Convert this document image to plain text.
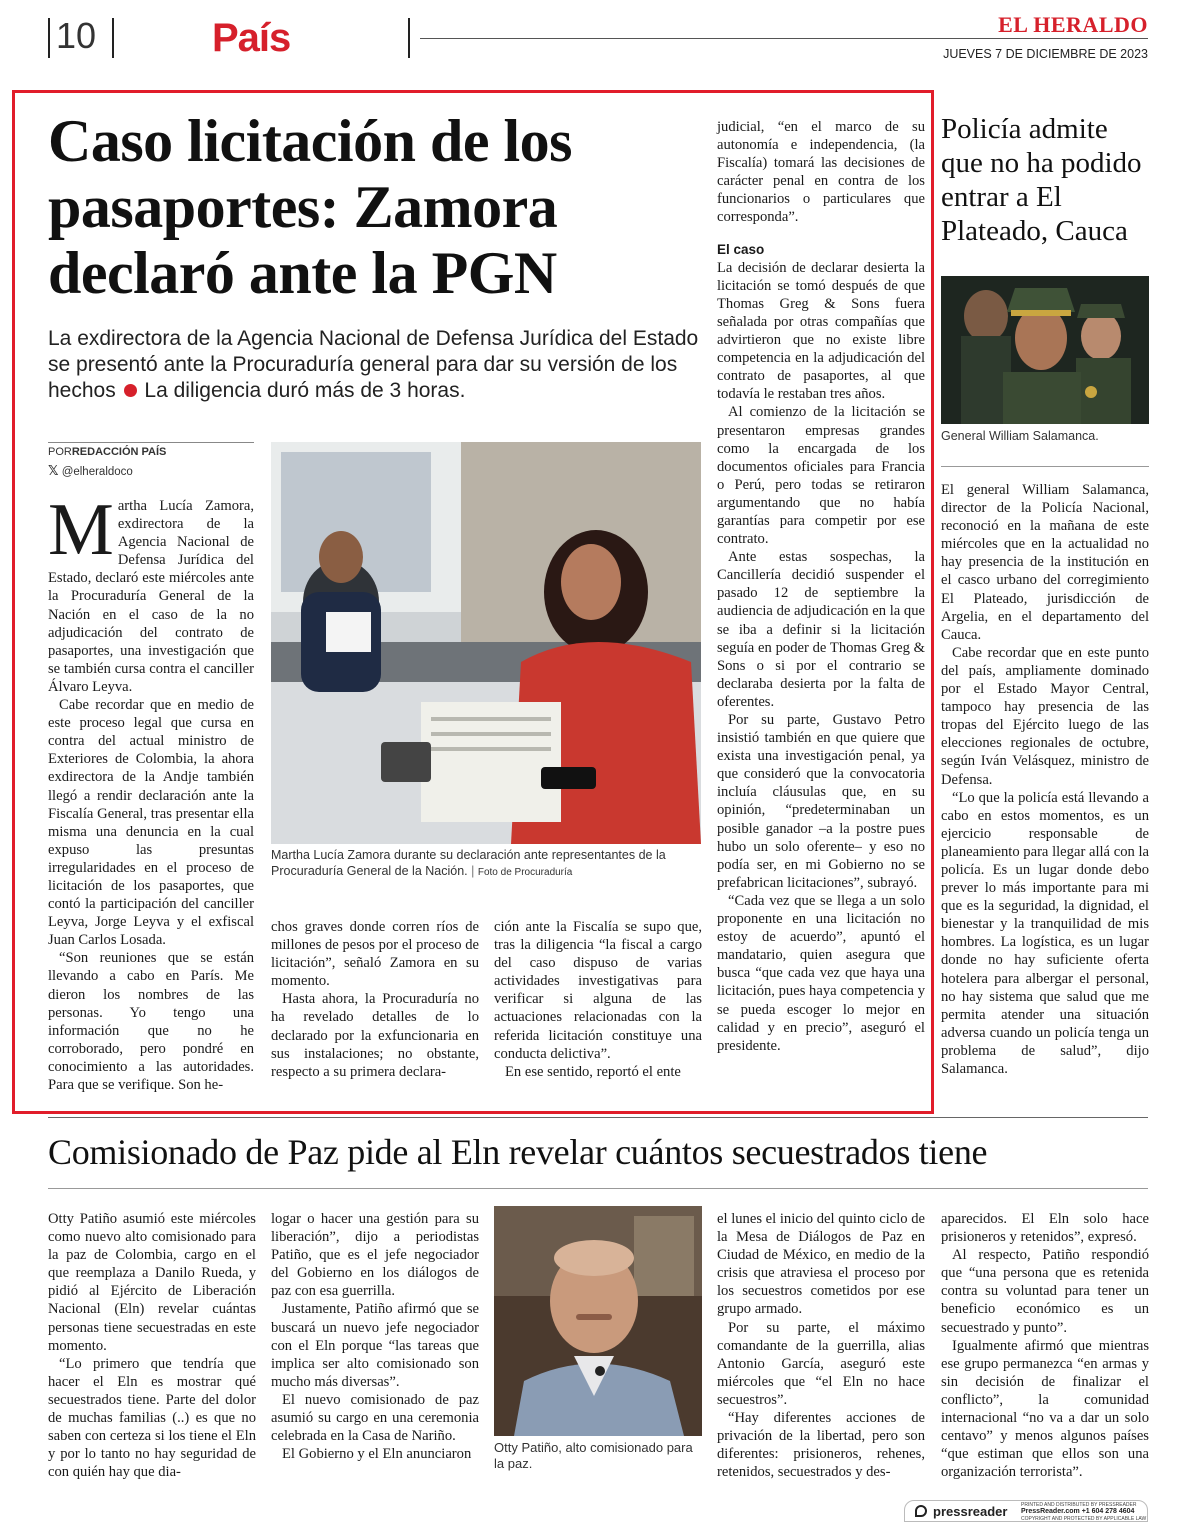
10	País	EL HERALDO
JUEVES 7 DE DICIEMBRE DE 2023
Caso licitación de los pasaportes: Zamora declaró ante la PGN
La exdirectora de la Agencia Nacional de Defensa Jurídica del Estado se presentó ante la Procuraduría general para dar su versión de los hechos La diligencia duró más de 3 horas.
PORREDACCIÓN PAÍS
𝕏 @elheraldoco

Martha Lucía Zamora, exdirectora de la Agencia Nacional de Defensa Jurídica del Estado, declaró este miércoles ante la Procuraduría General de la Nación en el caso de la no adjudicación del contrato de pasaportes, una investigación que se también cursa contra el canciller Álvaro Leyva.

Cabe recordar que en medio de este proceso legal que cursa en contra del actual ministro de Exteriores de Colombia, la ahora exdirectora de la Andje también llegó a rendir declaración ante la Fiscalía General, tras presentar ella misma una denuncia en la cual expuso las presuntas irregularidades en el proceso de licitación de los pasaportes, que contó la participación del canciller Leyva, Jorge Leyva y el exfiscal Juan Carlos Losada.

“Son reuniones que se están llevando a cabo en París. Me dieron los nombres de las personas. Yo tengo una información que no he corroborado, pero pondré en conocimiento a las autoridades. Para que se verifique. Son he-

Martha Lucía Zamora durante su declaración ante representantes de la Procuraduría General de la Nación. | Foto de Procuraduría

chos graves donde corren ríos de millones de pesos por el proceso de licitación”, señaló Zamora en su momento.

Hasta ahora, la Procuraduría no ha revelado detalles de lo declarado por la exfuncionaria en sus instalaciones; no obstante, respecto a su primera declara-

ción ante la Fiscalía se supo que, tras la diligencia “la fiscal a cargo del caso dispuso de varias actividades investigativas para verificar si alguna de las actuaciones relacionadas con la referida licitación constituye una conducta delictiva”.

En ese sentido, reportó el ente

judicial, “en el marco de su autonomía e independencia, (la Fiscalía) tomará las decisiones de carácter penal en contra de los funcionarios o particulares que corresponda”.

El caso

La decisión de declarar desierta la licitación se tomó después de que Thomas Greg & Sons fuera señalada por otras compañías que advirtieron que no existe libre competencia en la adjudicación del contrato de pasaportes, al que todavía le restaban tres años.

Al comienzo de la licitación se presentaron empresas grandes como la encargada de los documentos oficiales para Francia o Perú, pero todas se retiraron argumentando que no había garantías para competir por ese contrato.

Ante estas sospechas, la Cancillería decidió suspender el pasado 12 de septiembre la audiencia de adjudicación en la que se iba a definir si la licitación seguía en poder de Thomas Greg & Sons o si por el contrario se declaraba desierta por la falta de oferentes.

Por su parte, Gustavo Petro insistió también en que quiere que exista una investigación penal, ya que consideró que la convocatoria incluía cláusulas que, en su opinión, “predeterminaban un posible ganador –a la postre pues hubo un solo oferente– y eso no podía ser, en mi Gobierno no se prefabrican licitaciones”, subrayó.

“Cada vez que se llega a un solo proponente en una licitación no estoy de acuerdo”, apuntó el mandatario, quien asegura que busca “que cada vez que haya una licitación, pues haya competencia y se pueda escoger lo mejor en calidad y en precio”, aseguró el presidente.

Policía admite que no ha podido entrar a El Plateado, Cauca
General William Salamanca.

El general William Salamanca, director de la Policía Nacional, reconoció en la mañana de este miércoles que en la actualidad no hay presencia de la institución en el casco urbano del corregimiento El Plateado, jurisdicción de Argelia, en el departamento del Cauca.

Cabe recordar que en este punto del país, ampliamente dominado por el Estado Mayor Central, tampoco hay presencia de las tropas del Ejército luego de las elecciones regionales de octubre, según Iván Velásquez, ministro de Defensa.

“Lo que la policía está llevando a cabo en estos momentos, es un ejercicio responsable de planeamiento para llegar allá con la policía. Es un lugar donde debo prever lo más importante para mi que es la seguridad, la dignidad, el bienestar y la tranquilidad de mis hombres. La logística, es un lugar donde no hay suficiente oferta hotelera para albergar el personal, no hay sistema que salud que me permita atender una situación adversa cuando un policía tenga un problema de salud”, dijo Salamanca.

Comisionado de Paz pide al Eln revelar cuántos secuestrados tiene

Otty Patiño asumió este miércoles como nuevo alto comisionado para la paz de Colombia, cargo en el que reemplaza a Danilo Rueda, y pidió al Ejército de Liberación Nacional (Eln) revelar cuántas personas tiene secuestradas en este momento.

“Lo primero que tendría que hacer el Eln es mostrar qué secuestrados tiene. Parte del dolor de muchas familias (..) es que no saben con certeza si los tiene el Eln y por lo tanto no hay seguridad de con quién hay que dia-

logar o hacer una gestión para su liberación”, dijo a periodistas Patiño, que es el jefe negociador del Gobierno en los diálogos de paz con esa guerrilla.

Justamente, Patiño afirmó que se buscará un nuevo jefe negociador con el Eln porque “las tareas que implica ser alto comisionado son mucho más diversas”.

El nuevo comisionado de paz asumió su cargo en una ceremonia celebrada en la Casa de Nariño.

El Gobierno y el Eln anunciaron	Otty Patiño, alto comisionado para la paz.

el lunes el inicio del quinto ciclo de la Mesa de Diálogos de Paz en Ciudad de México, en medio de la crisis que atraviesa el proceso por los secuestros cometidos por ese grupo armado.

Por su parte, el máximo comandante de la guerrilla, alias Antonio García, aseguró este miércoles que “el Eln no hace secuestros”.

“Hay diferentes acciones de privación de la libertad, pero son diferentes: prisioneros, rehenes, retenidos, secuestrados y des-

aparecidos. El Eln solo hace prisioneros y retenidos”, expresó.

Al respecto, Patiño respondió que “una persona que es retenida contra su voluntad para tener un beneficio económico es un secuestrado y punto”.

Igualmente afirmó que mientras ese grupo permanezca “en armas y sin decisión de finalizar el conflicto”, la comunidad internacional “no va a dar un solo centavo” y menos algunos países “que estiman que ellos son una organización terrorista”.

pressreader	PRINTED AND DISTRIBUTED BY PRESSREADER
PressReader.com +1 604 278 4604
COPYRIGHT AND PROTECTED BY APPLICABLE LAW
